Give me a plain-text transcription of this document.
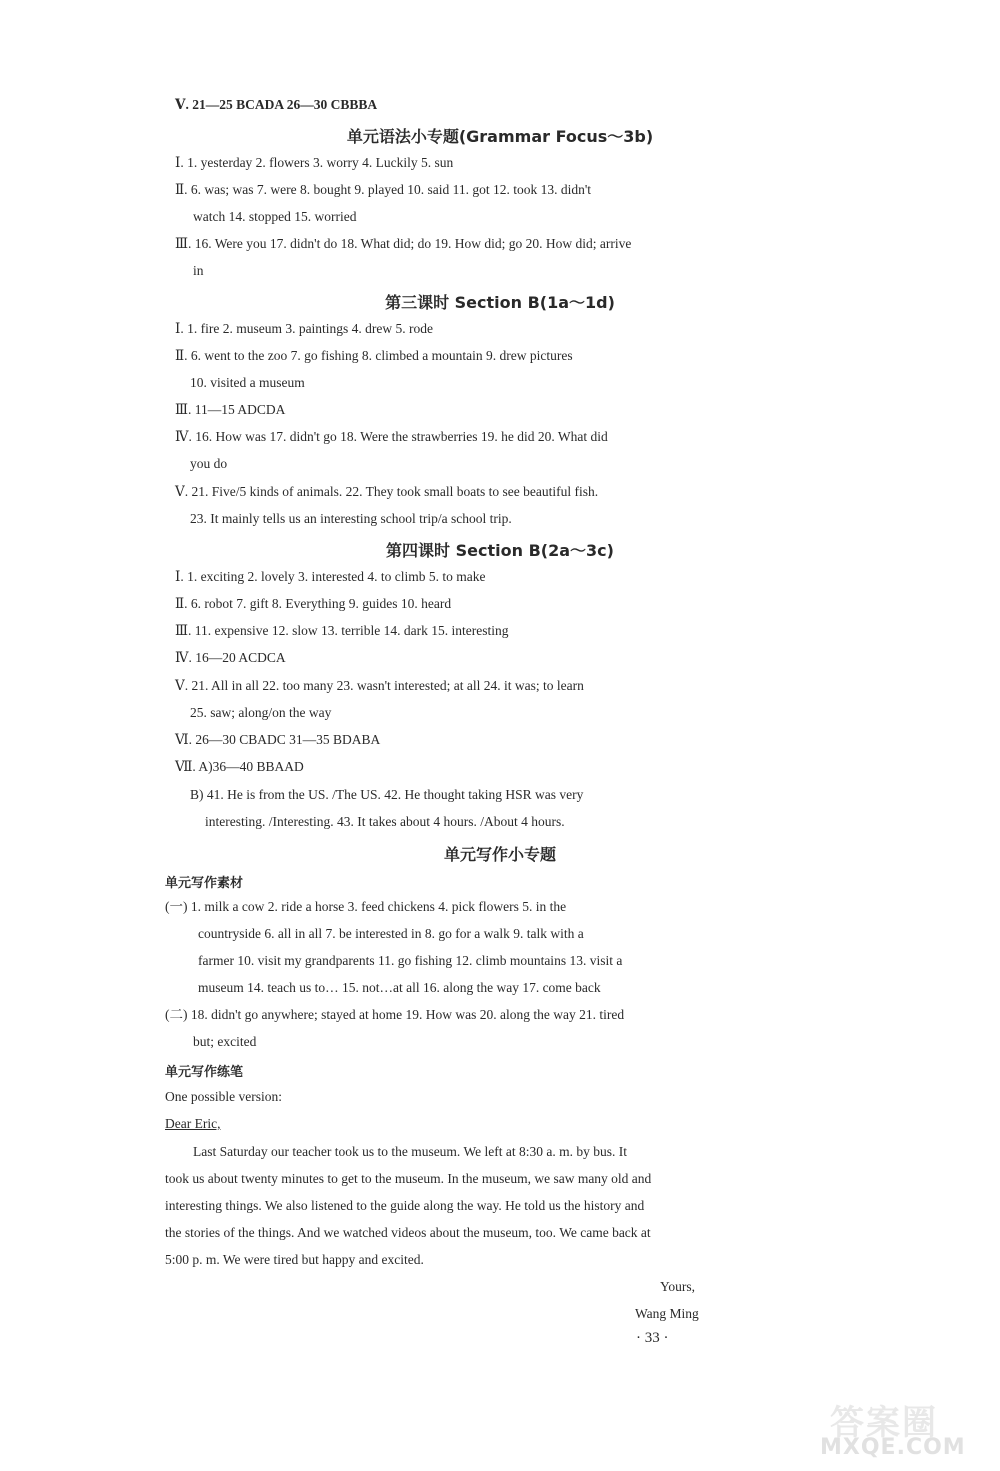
Ⅴ. 21—25 BCADA 26—30 CBBBA
单元语法小专题(Grammar Focus～3b)
Ⅰ. 1. yesterday 2. flowers 3. worry 4. Luckily 5. sun
Ⅱ. 6. was; was 7. were 8. bought 9. played 10. said 11. got 12. took 13. didn't
watch 14. stopped 15. worried
Ⅲ. 16. Were you 17. didn't do 18. What did; do 19. How did; go 20. How did; arrive
in
第三课时 Section B(1a～1d)
Ⅰ. 1. fire 2. museum 3. paintings 4. drew 5. rode
Ⅱ. 6. went to the zoo 7. go fishing 8. climbed a mountain 9. drew pictures
10. visited a museum
Ⅲ. 11—15 ADCDA
Ⅳ. 16. How was 17. didn't go 18. Were the strawberries 19. he did 20. What did
you do
Ⅴ. 21. Five/5 kinds of animals. 22. They took small boats to see beautiful fish.
23. It mainly tells us an interesting school trip/a school trip.
第四课时 Section B(2a～3c)
Ⅰ. 1. exciting 2. lovely 3. interested 4. to climb 5. to make
Ⅱ. 6. robot 7. gift 8. Everything 9. guides 10. heard
Ⅲ. 11. expensive 12. slow 13. terrible 14. dark 15. interesting
Ⅳ. 16—20 ACDCA
Ⅴ. 21. All in all 22. too many 23. wasn't interested; at all 24. it was; to learn
25. saw; along/on the way
Ⅵ. 26—30 CBADC 31—35 BDABA
Ⅶ. A)36—40 BBAAD
B) 41. He is from the US. /The US. 42. He thought taking HSR was very
interesting. /Interesting. 43. It takes about 4 hours. /About 4 hours.
单元写作小专题
单元写作素材
(一) 1. milk a cow 2. ride a horse 3. feed chickens 4. pick flowers 5. in the
countryside 6. all in all 7. be interested in 8. go for a walk 9. talk with a
farmer 10. visit my grandparents 11. go fishing 12. climb mountains 13. visit a
museum 14. teach us to… 15. not…at all 16. along the way 17. come back
(二) 18. didn't go anywhere; stayed at home 19. How was 20. along the way 21. tired
but; excited
单元写作练笔
One possible version:
Dear Eric,
Last Saturday our teacher took us to the museum. We left at 8:30 a. m. by bus. It
took us about twenty minutes to get to the museum. In the museum, we saw many old and
interesting things. We also listened to the guide along the way. He told us the history and
the stories of the things. And we watched videos about the museum, too. We came back at
5:00 p. m. We were tired but happy and excited.
Yours,
Wang Ming
· 33 ·
答案圈
MXQE.COM
